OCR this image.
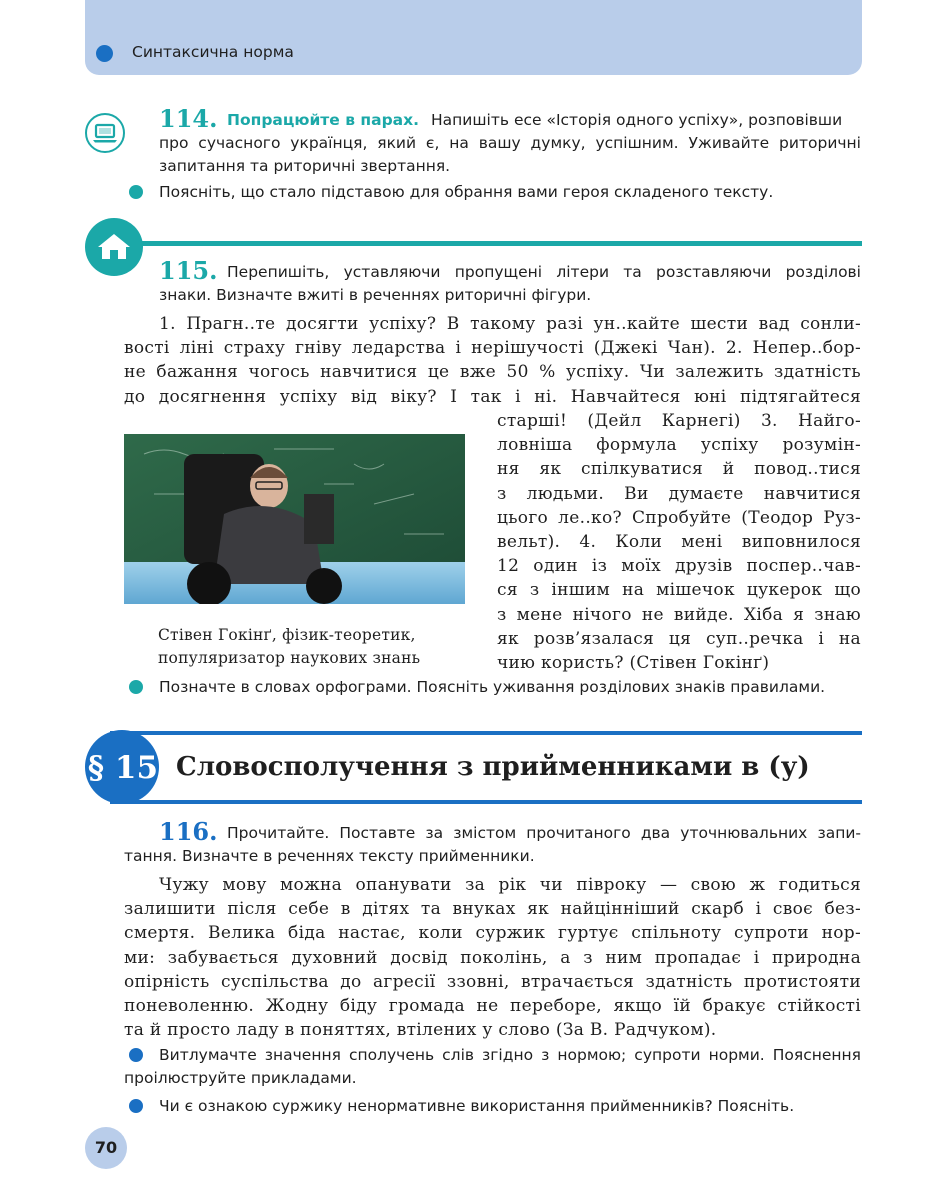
Синтаксична норма
114. Попрацюйте в парах. Напишіть есе «Історія одного успіху», розповівши
про сучасного українця, який є, на вашу думку, успішним. Уживайте риторичні
запитання та риторичні звертання.
Поясніть, що стало підставою для обрання вами героя складеного тексту.
115. Перепишіть, уставляючи пропущені літери та розставляючи розділові
знаки. Визначте вжиті в реченнях риторичні фігури.
1. Прагн..те досягти успіху? В такому разі ун..кайте шести вад сонли-
вості ліні страху гніву ледарства і нерішучості (Джекі Чан). 2. Непер..бор-
не бажання чогось навчитися це вже 50 % успіху. Чи залежить здатність
до досягнення успіху від віку? І так і ні. Навчайтеся юні підтягайтеся
старші! (Дейл Карнегі) 3. Найго-
ловніша формула успіху розумін-
ня як спілкуватися й повод..тися
з людьми. Ви думаєте навчитися
цього ле..ко? Спробуйте (Теодор Руз-
вельт). 4. Коли мені виповнилося
12 один із моїх друзів поспер..чав-
ся з іншим на мішечок цукерок що
з мене нічого не вийде. Хіба я знаю
як розв’язалася ця суп..речка і на
чию користь? (Стівен Гокінґ)
Стівен Гокінґ, фізик-теоретик,
популяризатор наукових знань
Позначте в словах орфограми. Поясніть уживання розділових знаків правилами.
§ 15 Словосполучення з прийменниками в (у)
116. Прочитайте. Поставте за змістом прочитаного два уточнювальних запи-
тання. Визначте в реченнях тексту прийменники.
Чужу мову можна опанувати за рік чи півроку — свою ж годиться
залишити після себе в дітях та внуках як найцінніший скарб і своє без-
смертя. Велика біда настає, коли суржик гуртує спільноту супроти нор-
ми: забувається духовний досвід поколінь, а з ним пропадає і природна
опірність суспільства до агресії ззовні, втрачається здатність протистояти
поневоленню. Жодну біду громада не переборе, якщо їй бракує стійкості
та й просто ладу в поняттях, втілених у слово (За В. Радчуком).
Витлумачте значення сполучень слів згідно з нормою; супроти норми. Пояснення
проілюструйте прикладами.
Чи є ознакою суржику ненормативне використання прийменників? Поясніть.
70
